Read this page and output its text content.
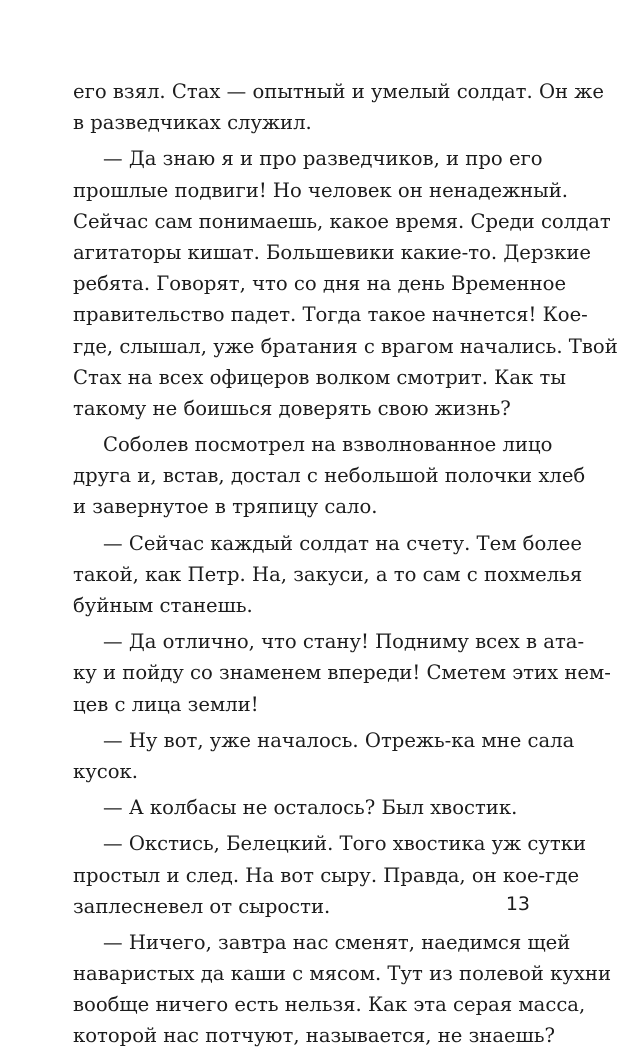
его взял. Стах — опытный и умелый солдат. Он же
в разведчиках служил.
— Да знаю я и про разведчиков, и про его
прошлые подвиги! Но человек он ненадежный.
Сейчас сам понимаешь, какое время. Среди солдат
агитаторы кишат. Большевики какие-то. Дерзкие
ребята. Говорят, что со дня на день Временное
правительство падет. Тогда такое начнется! Кое-
где, слышал, уже братания с врагом начались. Твой
Стах на всех офицеров волком смотрит. Как ты
такому не боишься доверять свою жизнь?
Соболев посмотрел на взволнованное лицо
друга и, встав, достал с небольшой полочки хлеб
и завернутое в тряпицу сало.
— Сейчас каждый солдат на счету. Тем более
такой, как Петр. На, закуси, а то сам с похмелья
буйным станешь.
— Да отлично, что стану! Подниму всех в ата-
ку и пойду со знаменем впереди! Сметем этих нем-
цев с лица земли!
— Ну вот, уже началось. Отрежь-ка мне сала
кусок.
— А колбасы не осталось? Был хвостик.
— Окстись, Белецкий. Того хвостика уж сутки
простыл и след. На вот сыру. Правда, он кое-где
заплесневел от сырости.
— Ничего, завтра нас сменят, наедимся щей
наваристых да каши с мясом. Тут из полевой кухни
вообще ничего есть нельзя. Как эта серая масса,
которой нас потчуют, называется, не знаешь?
13
